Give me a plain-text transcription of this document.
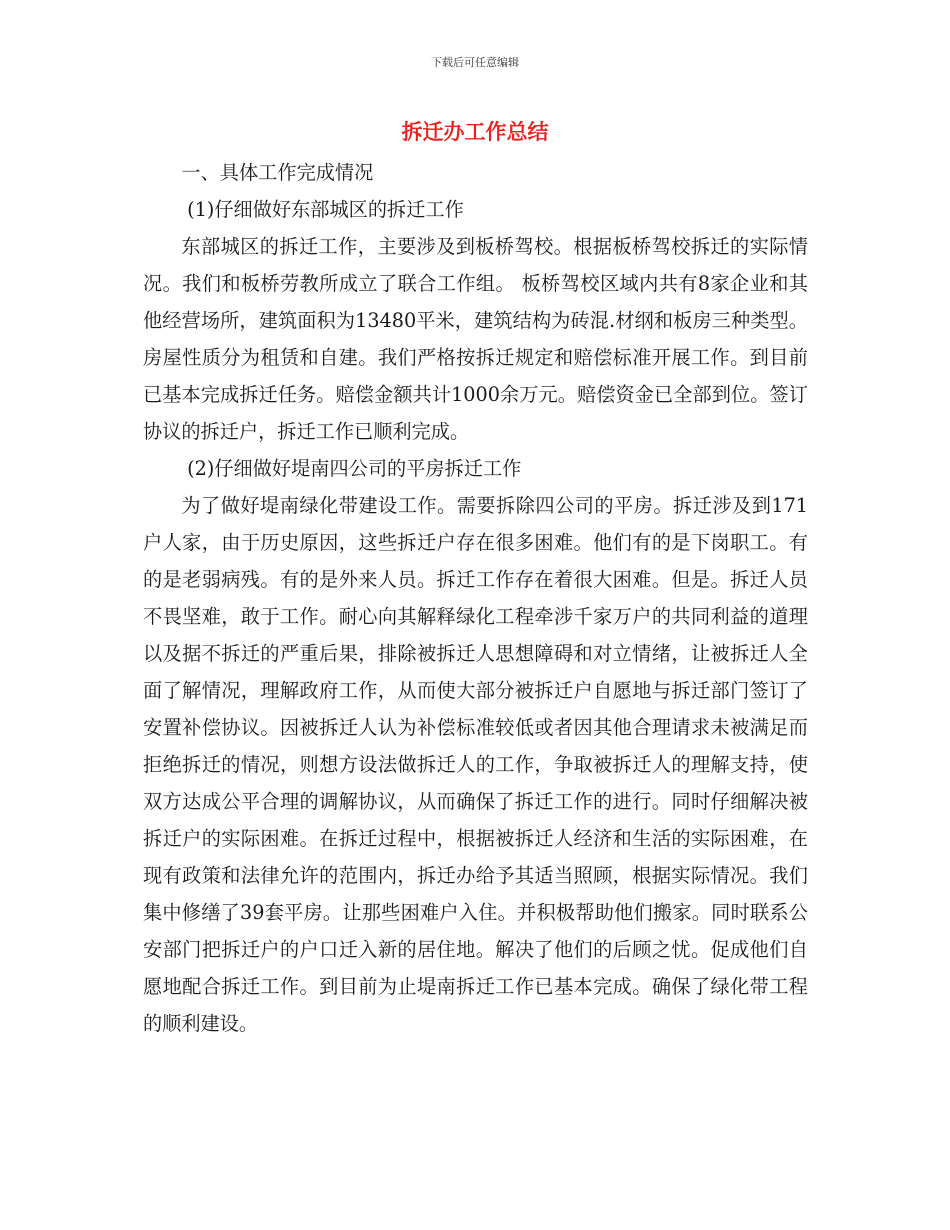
下载后可任意编辑
拆迁办工作总结

一、具体工作完成情况

(1)仔细做好东部城区的拆迁工作

东部城区的拆迁工作，主要涉及到板桥驾校。根据板桥驾校拆迁的实际情况。我们和板桥劳教所成立了联合工作组。 板桥驾校区域内共有8家企业和其他经营场所，建筑面积为13480平米，建筑结构为砖混.材纲和板房三种类型。房屋性质分为租赁和自建。我们严格按拆迁规定和赔偿标准开展工作。到目前已基本完成拆迁任务。赔偿金额共计1000余万元。赔偿资金已全部到位。签订协议的拆迁户，拆迁工作已顺利完成。

(2)仔细做好堤南四公司的平房拆迁工作

为了做好堤南绿化带建设工作。需要拆除四公司的平房。拆迁涉及到171户人家，由于历史原因，这些拆迁户存在很多困难。他们有的是下岗职工。有的是老弱病残。有的是外来人员。拆迁工作存在着很大困难。但是。拆迁人员不畏坚难，敢于工作。耐心向其解释绿化工程牵涉千家万户的共同利益的道理以及据不拆迁的严重后果，排除被拆迁人思想障碍和对立情绪，让被拆迁人全面了解情况，理解政府工作，从而使大部分被拆迁户自愿地与拆迁部门签订了安置补偿协议。因被拆迁人认为补偿标准较低或者因其他合理请求未被满足而拒绝拆迁的情况，则想方设法做拆迁人的工作，争取被拆迁人的理解支持，使双方达成公平合理的调解协议，从而确保了拆迁工作的进行。同时仔细解决被拆迁户的实际困难。在拆迁过程中，根据被拆迁人经济和生活的实际困难，在现有政策和法律允许的范围内，拆迁办给予其适当照顾，根据实际情况。我们集中修缮了39套平房。让那些困难户入住。并积极帮助他们搬家。同时联系公安部门把拆迁户的户口迁入新的居住地。解决了他们的后顾之忧。促成他们自愿地配合拆迁工作。到目前为止堤南拆迁工作已基本完成。确保了绿化带工程的顺利建设。
